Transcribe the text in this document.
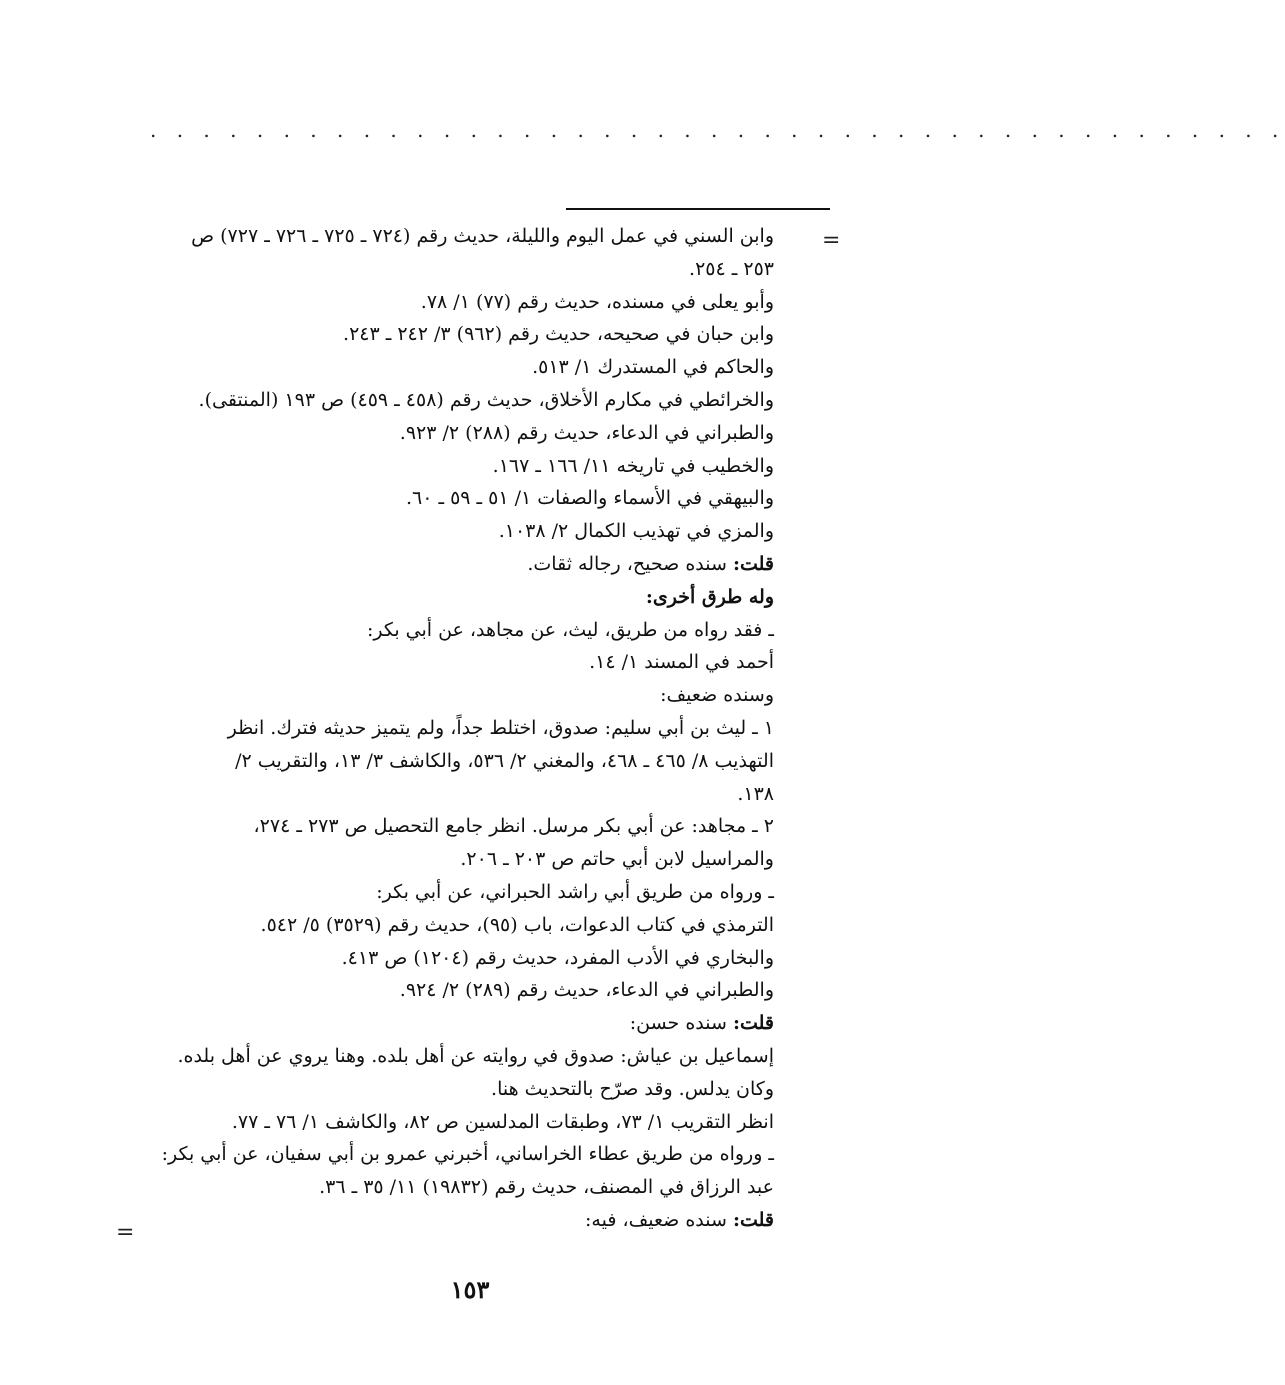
. . . . . . . . . . . . . . . . . . . . . . . . . . . . . . . . . . . . . . . . . . .
=
وابن السني في عمل اليوم والليلة، حديث رقم (٧٢٤ ـ ٧٢٥ ـ ٧٢٦ ـ ٧٢٧) ص
٢٥٣ ـ ٢٥٤.
وأبو يعلى في مسنده، حديث رقم (٧٧) ١/ ٧٨.
وابن حبان في صحيحه، حديث رقم (٩٦٢) ٣/ ٢٤٢ ـ ٢٤٣.
والحاكم في المستدرك ١/ ٥١٣.
والخرائطي في مكارم الأخلاق، حديث رقم (٤٥٨ ـ ٤٥٩) ص ١٩٣ (المنتقى).
والطبراني في الدعاء، حديث رقم (٢٨٨) ٢/ ٩٢٣.
والخطيب في تاريخه ١١/ ١٦٦ ـ ١٦٧.
والبيهقي في الأسماء والصفات ١/ ٥١ ـ ٥٩ ـ ٦٠.
والمزي في تهذيب الكمال ٢/ ١٠٣٨.
قلت: سنده صحيح، رجاله ثقات.
وله طرق أخرى:
ـ فقد رواه من طريق، ليث، عن مجاهد، عن أبي بكر:
أحمد في المسند ١/ ١٤.
وسنده ضعيف:
١ ـ ليث بن أبي سليم: صدوق، اختلط جداً، ولم يتميز حديثه فترك. انظر
التهذيب ٨/ ٤٦٥ ـ ٤٦٨، والمغني ٢/ ٥٣٦، والكاشف ٣/ ١٣، والتقريب ٢/
١٣٨.
٢ ـ مجاهد: عن أبي بكر مرسل. انظر جامع التحصيل ص ٢٧٣ ـ ٢٧٤،
والمراسيل لابن أبي حاتم ص ٢٠٣ ـ ٢٠٦.
ـ ورواه من طريق أبي راشد الحبراني، عن أبي بكر:
الترمذي في كتاب الدعوات، باب (٩٥)، حديث رقم (٣٥٢٩) ٥/ ٥٤٢.
والبخاري في الأدب المفرد، حديث رقم (١٢٠٤) ص ٤١٣.
والطبراني في الدعاء، حديث رقم (٢٨٩) ٢/ ٩٢٤.
قلت: سنده حسن:
إسماعيل بن عياش: صدوق في روايته عن أهل بلده. وهنا يروي عن أهل بلده.
وكان يدلس. وقد صرّح بالتحديث هنا.
انظر التقريب ١/ ٧٣، وطبقات المدلسين ص ٨٢، والكاشف ١/ ٧٦ ـ ٧٧.
ـ ورواه من طريق عطاء الخراساني، أخبرني عمرو بن أبي سفيان، عن أبي بكر:
عبد الرزاق في المصنف، حديث رقم (١٩٨٣٢) ١١/ ٣٥ ـ ٣٦.
قلت: سنده ضعيف، فيه:
=
١٥٣
